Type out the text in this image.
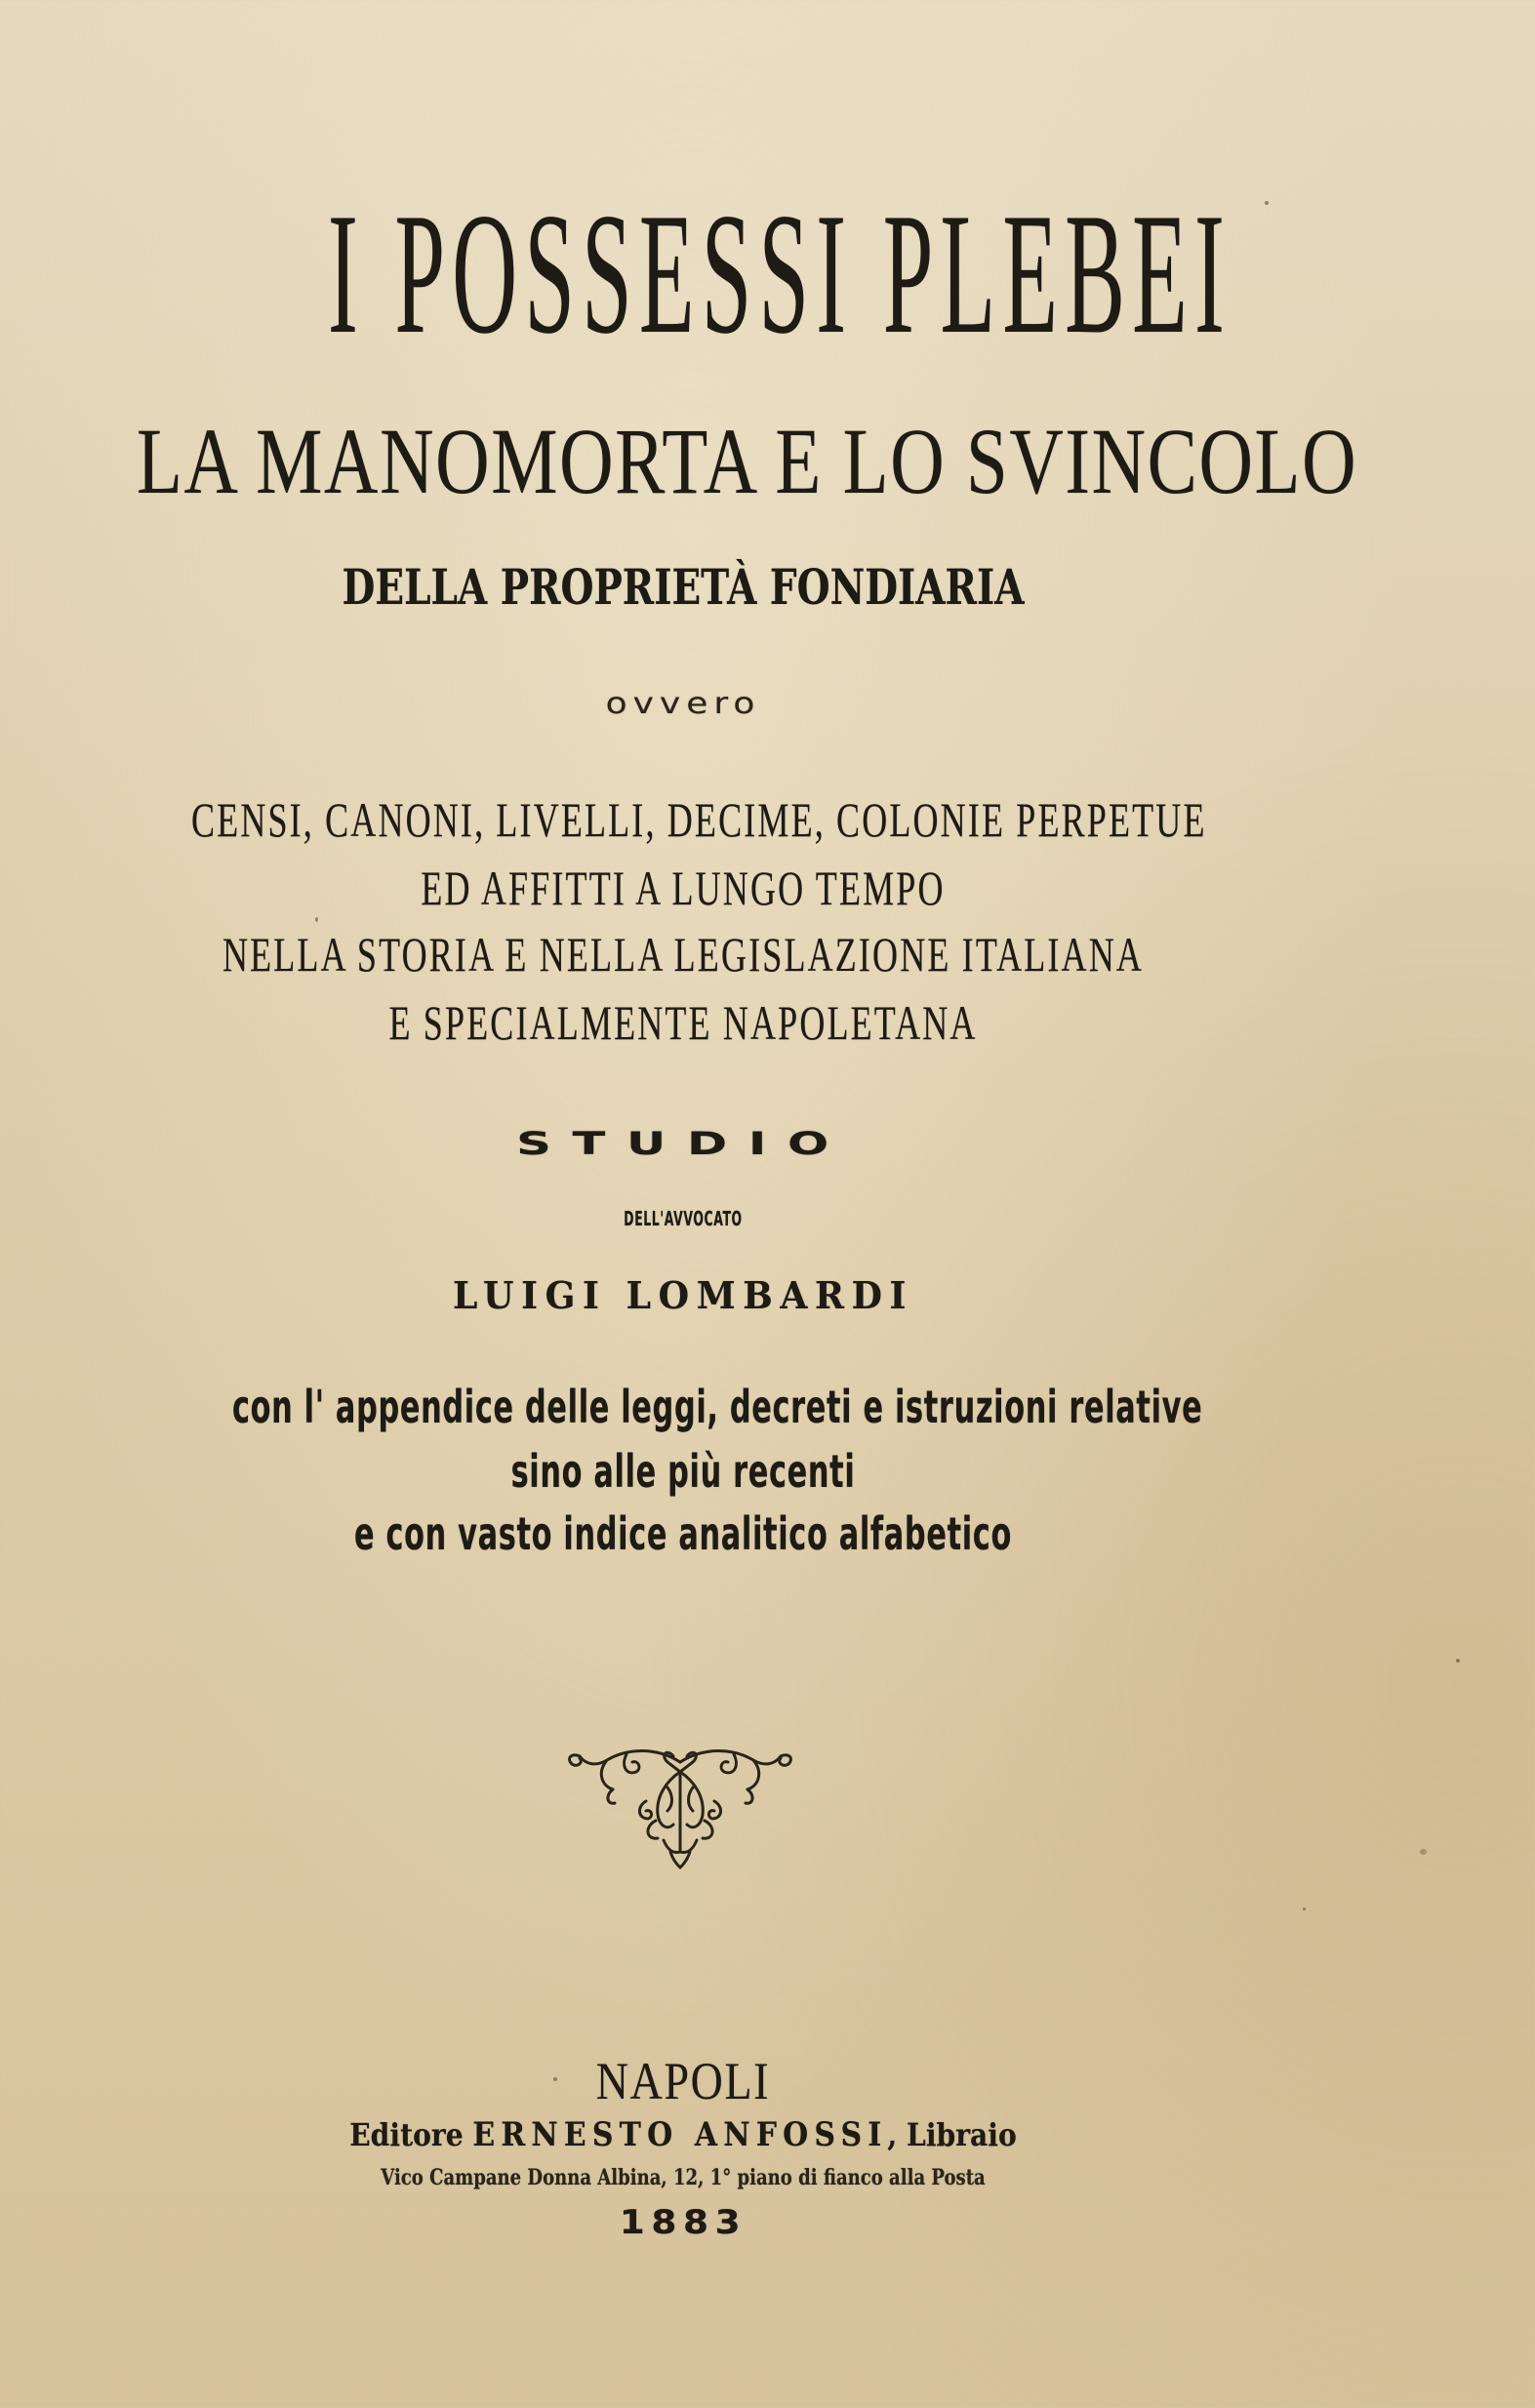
I POSSESSI PLEBEI
LA MANOMORTA E LO SVINCOLO
DELLA PROPRIETÀ FONDIARIA
ovvero
CENSI, CANONI, LIVELLI, DECIME, COLONIE PERPETUE
ED AFFITTI A LUNGO TEMPO
NELLA STORIA E NELLA LEGISLAZIONE ITALIANA
E SPECIALMENTE NAPOLETANA
STUDIO
DELL'AVVOCATO
LUIGI LOMBARDI
con l' appendice delle leggi, decreti e istruzioni relative
sino alle più recenti
e con vasto indice analitico alfabetico
NAPOLI
Editore ERNESTO ANFOSSI, Libraio
Vico Campane Donna Albina, 12, 1° piano di fianco alla Posta
1883
